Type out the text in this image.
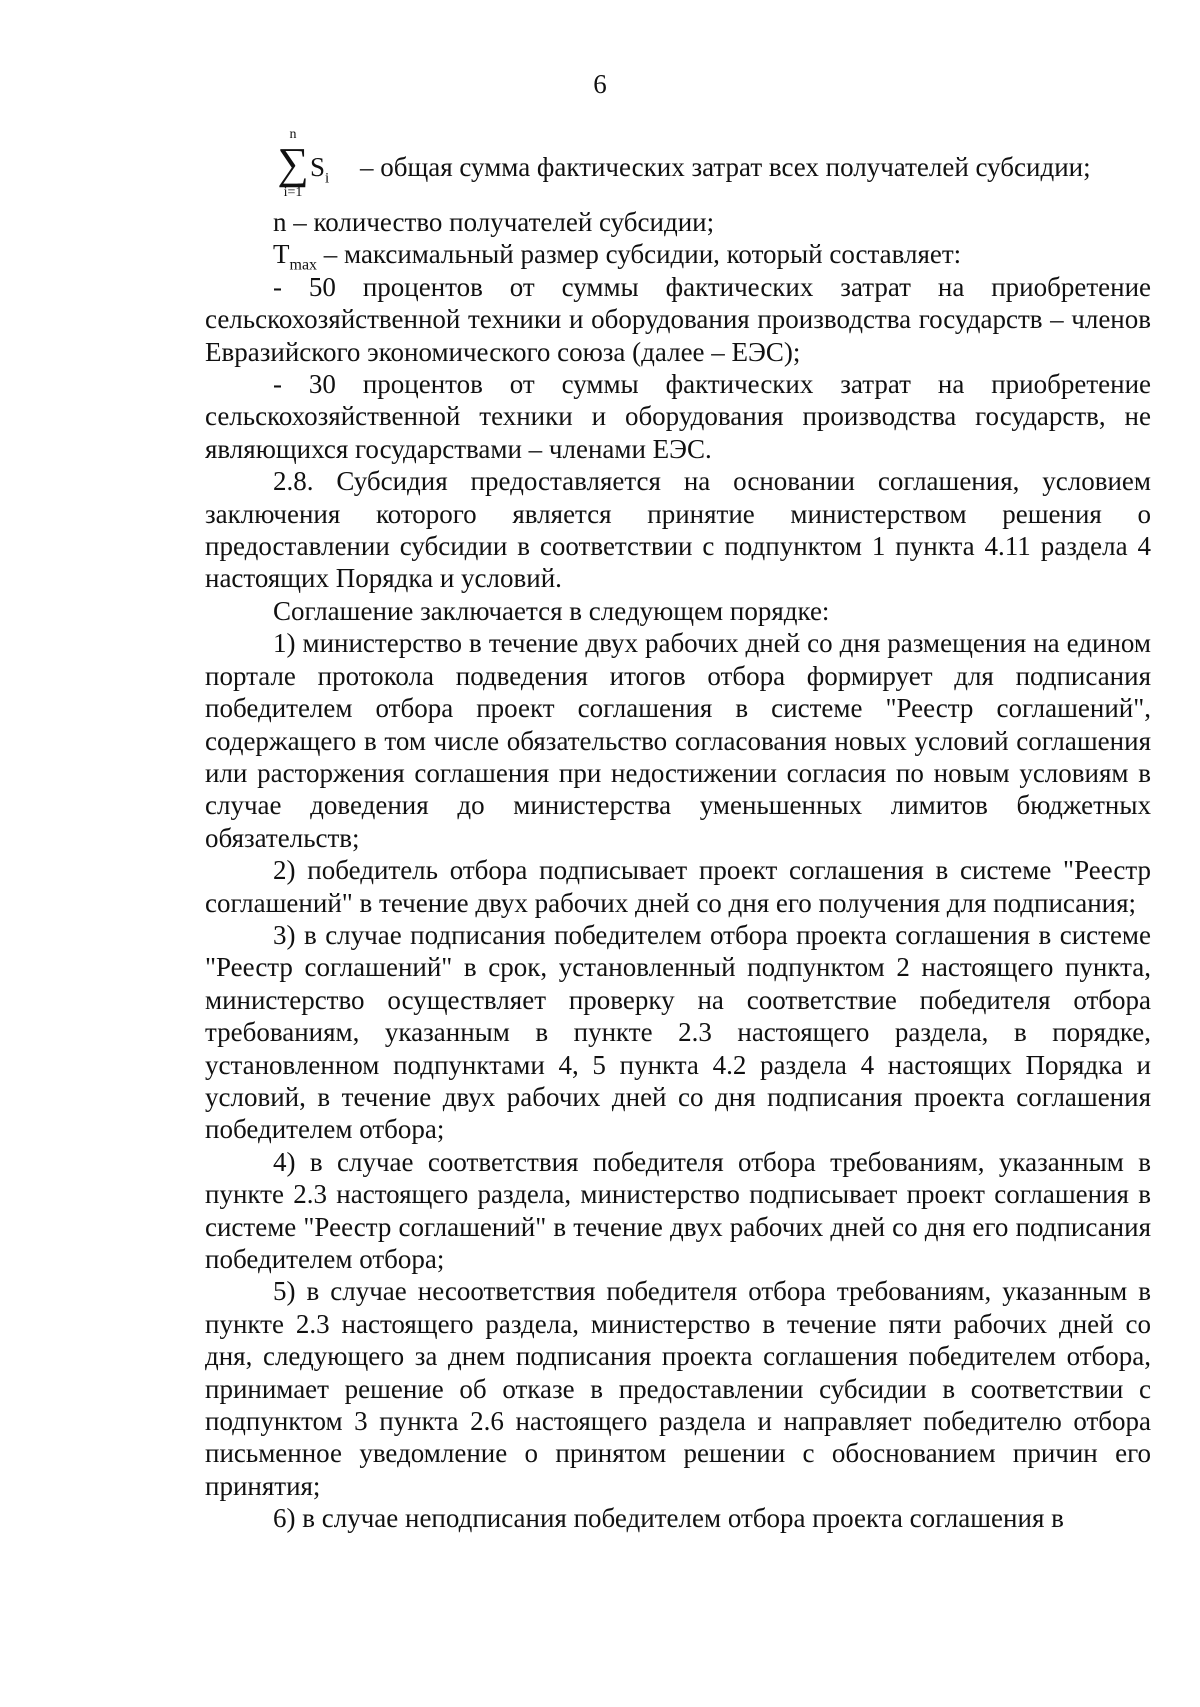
6
n
∑
i=1
$S_i$ – общая сумма фактических затрат всех получателей субсидии;

n – количество получателей субсидии;

$T_{max}$ – максимальный размер субсидии, который составляет:

- 50 процентов от суммы фактических затрат на приобретение сельскохозяйственной техники и оборудования производства государств – членов Евразийского экономического союза (далее – ЕЭС);

- 30 процентов от суммы фактических затрат на приобретение сельскохозяйственной техники и оборудования производства государств, не являющихся государствами – членами ЕЭС.

2.8. Субсидия предоставляется на основании соглашения, условием заключения которого является принятие министерством решения о предоставлении субсидии в соответствии с подпунктом 1 пункта 4.11 раздела 4 настоящих Порядка и условий.

Соглашение заключается в следующем порядке:

1) министерство в течение двух рабочих дней со дня размещения на едином портале протокола подведения итогов отбора формирует для подписания победителем отбора проект соглашения в системе "Реестр соглашений", содержащего в том числе обязательство согласования новых условий соглашения или расторжения соглашения при недостижении согласия по новым условиям в случае доведения до министерства уменьшенных лимитов бюджетных обязательств;

2) победитель отбора подписывает проект соглашения в системе "Реестр соглашений" в течение двух рабочих дней со дня его получения для подписания;

3) в случае подписания победителем отбора проекта соглашения в системе "Реестр соглашений" в срок, установленный подпунктом 2 настоящего пункта, министерство осуществляет проверку на соответствие победителя отбора требованиям, указанным в пункте 2.3 настоящего раздела, в порядке, установленном подпунктами 4, 5 пункта 4.2 раздела 4 настоящих Порядка и условий, в течение двух рабочих дней со дня подписания проекта соглашения победителем отбора;

4) в случае соответствия победителя отбора требованиям, указанным в пункте 2.3 настоящего раздела, министерство подписывает проект соглашения в системе "Реестр соглашений" в течение двух рабочих дней со дня его подписания победителем отбора;

5) в случае несоответствия победителя отбора требованиям, указанным в пункте 2.3 настоящего раздела, министерство в течение пяти рабочих дней со дня, следующего за днем подписания проекта соглашения победителем отбора, принимает решение об отказе в предоставлении субсидии в соответствии с подпунктом 3 пункта 2.6 настоящего раздела и направляет победителю отбора письменное уведомление о принятом решении с обоснованием причин его принятия;

6) в случае неподписания победителем отбора проекта соглашения в
